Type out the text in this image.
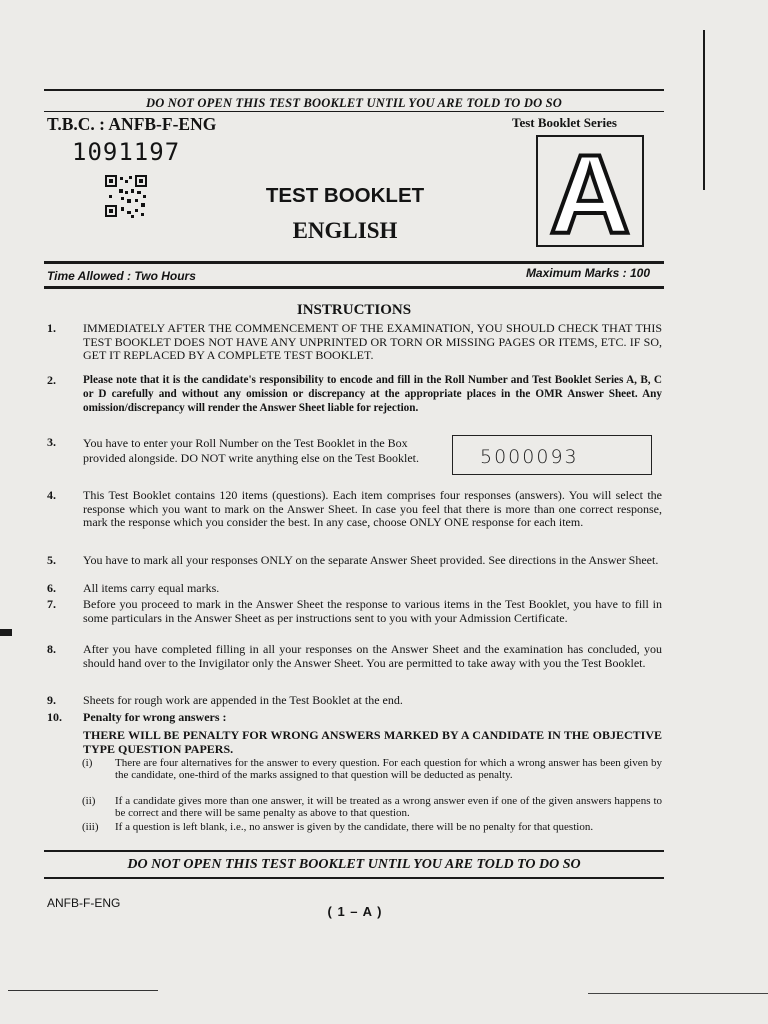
DO NOT OPEN THIS TEST BOOKLET UNTIL YOU ARE TOLD TO DO SO
T.B.C. : ANFB-F-ENG	Test Booklet Series
1091197
TEST BOOKLET
ENGLISH	A
Time Allowed : Two Hours	Maximum Marks : 100
INSTRUCTIONS
1. IMMEDIATELY AFTER THE COMMENCEMENT OF THE EXAMINATION, YOU SHOULD CHECK THAT THIS TEST BOOKLET DOES NOT HAVE ANY UNPRINTED OR TORN OR MISSING PAGES OR ITEMS, ETC. IF SO, GET IT REPLACED BY A COMPLETE TEST BOOKLET.
2. Please note that it is the candidate's responsibility to encode and fill in the Roll Number and Test Booklet Series A, B, C or D carefully and without any omission or discrepancy at the appropriate places in the OMR Answer Sheet. Any omission/discrepancy will render the Answer Sheet liable for rejection.
3. You have to enter your Roll Number on the Test Booklet in the Box provided alongside. DO NOT write anything else on the Test Booklet.	5000093
4. This Test Booklet contains 120 items (questions). Each item comprises four responses (answers). You will select the response which you want to mark on the Answer Sheet. In case you feel that there is more than one correct response, mark the response which you consider the best. In any case, choose ONLY ONE response for each item.
5. You have to mark all your responses ONLY on the separate Answer Sheet provided. See directions in the Answer Sheet.
6. All items carry equal marks.
7. Before you proceed to mark in the Answer Sheet the response to various items in the Test Booklet, you have to fill in some particulars in the Answer Sheet as per instructions sent to you with your Admission Certificate.
8. After you have completed filling in all your responses on the Answer Sheet and the examination has concluded, you should hand over to the Invigilator only the Answer Sheet. You are permitted to take away with you the Test Booklet.
9. Sheets for rough work are appended in the Test Booklet at the end.
10. Penalty for wrong answers :
THERE WILL BE PENALTY FOR WRONG ANSWERS MARKED BY A CANDIDATE IN THE OBJECTIVE TYPE QUESTION PAPERS.
(i) There are four alternatives for the answer to every question. For each question for which a wrong answer has been given by the candidate, one-third of the marks assigned to that question will be deducted as penalty.
(ii) If a candidate gives more than one answer, it will be treated as a wrong answer even if one of the given answers happens to be correct and there will be same penalty as above to that question.
(iii) If a question is left blank, i.e., no answer is given by the candidate, there will be no penalty for that question.
DO NOT OPEN THIS TEST BOOKLET UNTIL YOU ARE TOLD TO DO SO
ANFB-F-ENG
( 1 – A )
